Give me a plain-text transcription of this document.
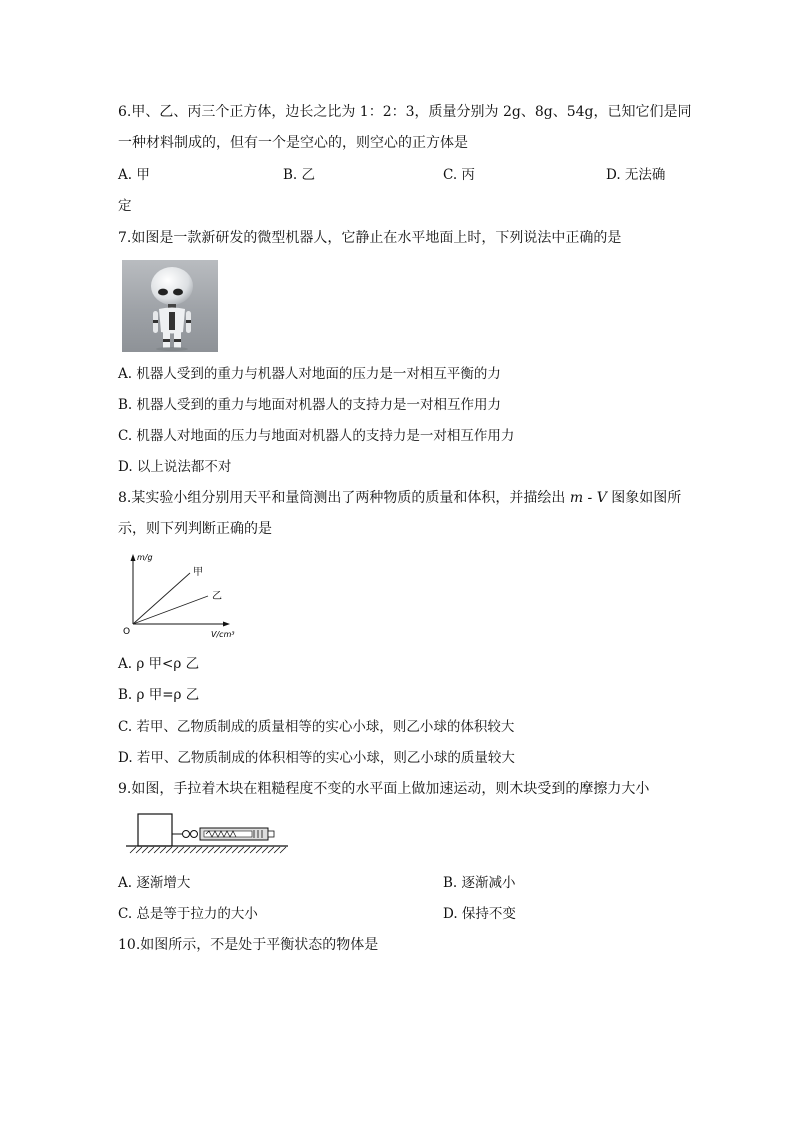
6.甲、乙、丙三个正方体，边长之比为 1：2：3，质量分别为 2g、8g、54g，已知它们是同
一种材料制成的，但有一个是空心的，则空心的正方体是
A. 甲	B. 乙	C. 丙	D. 无法确
定
7.如图是一款新研发的微型机器人，它静止在水平地面上时，下列说法中正确的是
A. 机器人受到的重力与机器人对地面的压力是一对相互平衡的力
B. 机器人受到的重力与地面对机器人的支持力是一对相互作用力
C. 机器人对地面的压力与地面对机器人的支持力是一对相互作用力
D. 以上说法都不对
8.某实验小组分别用天平和量筒测出了两种物质的质量和体积，并描绘出 m - V 图象如图所
示，则下列判断正确的是
m/g
V/cm³
O
甲
乙
A. ρ 甲<ρ 乙
B. ρ 甲=ρ 乙
C. 若甲、乙物质制成的质量相等的实心小球，则乙小球的体积较大
D. 若甲、乙物质制成的体积相等的实心小球，则乙小球的质量较大
9.如图，手拉着木块在粗糙程度不变的水平面上做加速运动，则木块受到的摩擦力大小
A. 逐渐增大	B. 逐渐减小
C. 总是等于拉力的大小	D. 保持不变
10.如图所示，不是处于平衡状态的物体是
